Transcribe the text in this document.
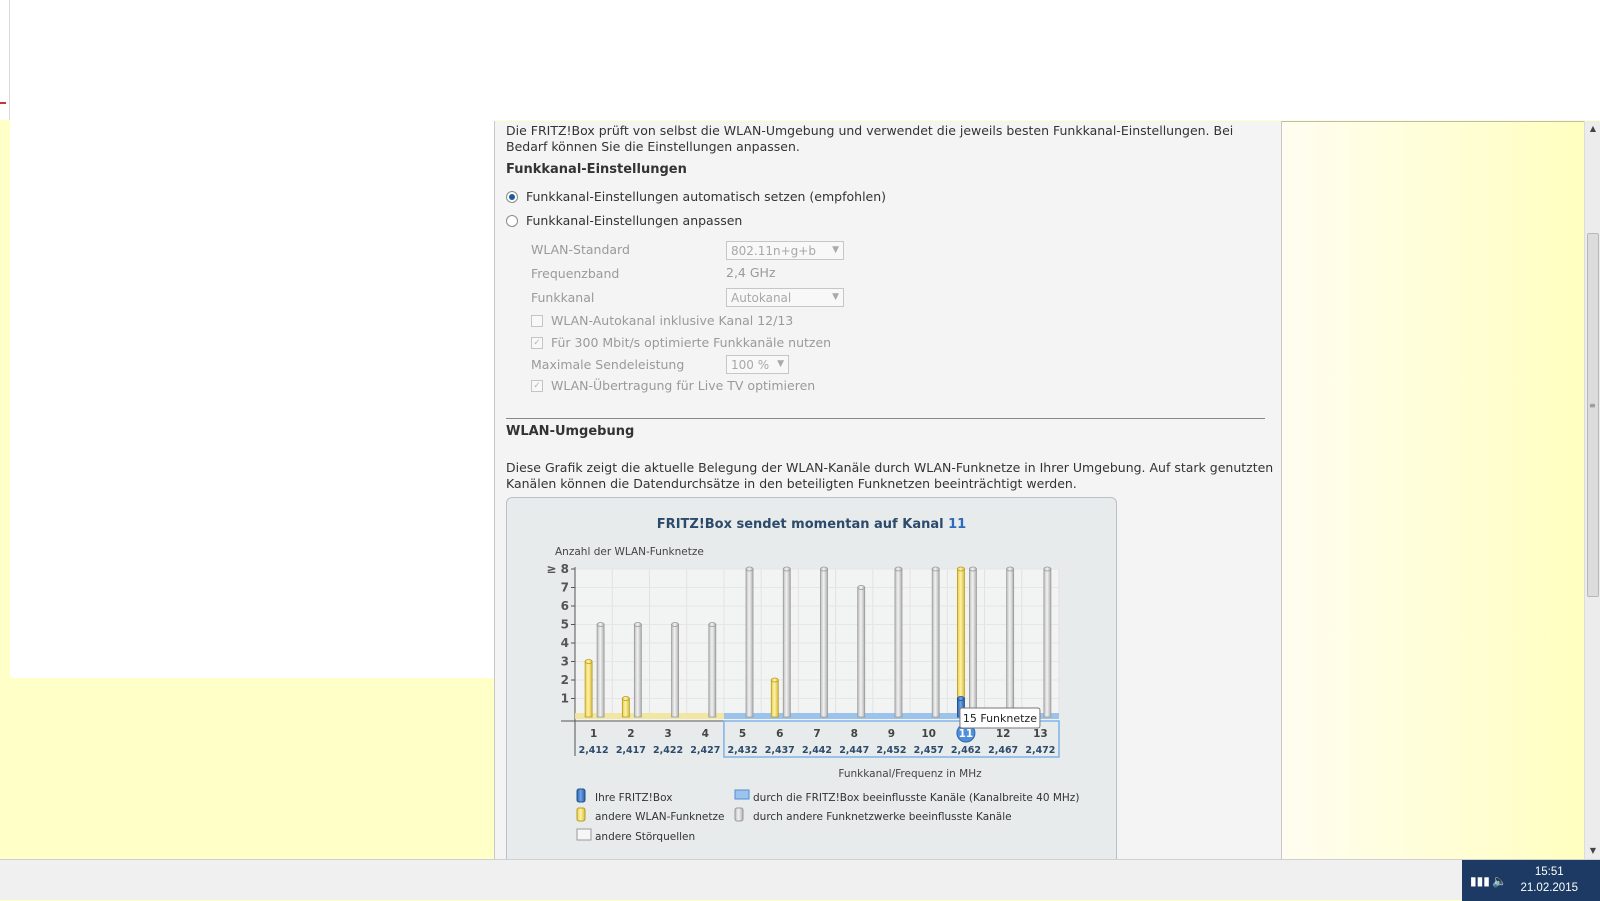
Die FRITZ!Box prüft von selbst die WLAN-Umgebung und verwendet die jeweils besten Funkkanal-Einstellungen. Bei Bedarf können Sie die Einstellungen anpassen.
Funkkanal-Einstellungen
Funkkanal-Einstellungen automatisch setzen (empfohlen)
Funkkanal-Einstellungen anpassen
WLAN-Standard	802.11n+g+b ▼
Frequenzband	2,4 GHz
Funkkanal	Autokanal	▼
WLAN-Autokanal inklusive Kanal 12/13
✓ Für 300 Mbit/s optimierte Funkkanäle nutzen
Maximale Sendeleistung	100 % ▼
✓ WLAN-Übertragung für Live TV optimieren
WLAN-Umgebung
Diese Grafik zeigt die aktuelle Belegung der WLAN-Kanäle durch WLAN-Funknetze in Ihrer Umgebung. Auf stark genutzten Kanälen können die Datendurchsätze in den beteiligten Funknetzen beeinträchtigt werden.
FRITZ!Box sendet momentan auf Kanal 11
1
2
3
4
5
6
7
≥ 8
Anzahl der WLAN-Funknetze
1
2,412
2
2,417
3
2,422
4
2,427
5
2,432
6
2,437
7
2,442
8
2,447
9
2,452
10
2,457
11
2,462
12
2,467
13
2,472
Funkkanal/Frequenz in MHz
15 Funknetze
Ihre FRITZ!Box	durch die FRITZ!Box beeinflusste Kanäle (Kanalbreite 40 MHz)
andere WLAN-Funknetze	durch andere Funknetzwerke beeinflusste Kanäle
andere Störquellen
▲
≡
▼
▮▮▮ 🔈
15:51
21.02.2015
